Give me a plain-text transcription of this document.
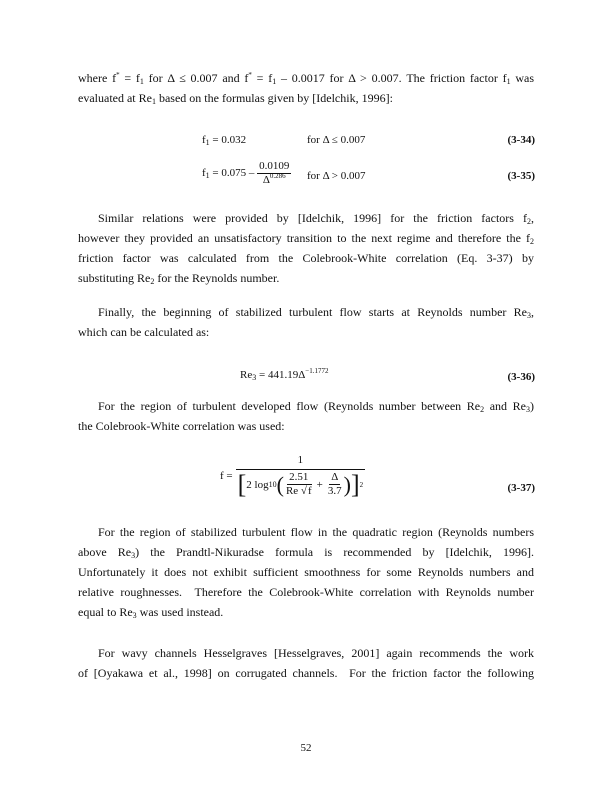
where $f^* = f_1$ for Δ ≤ 0.007 and $f^* = f_1 - 0.0017$ for Δ > 0.007. The friction factor $f_1$ was
evaluated at $Re_1$ based on the formulas given by [Idelchik, 1996]:
$f_1 = 0.032$	for Δ ≤ 0.007	(3-34)
$f_1 = 0.075 - \frac{0.0109}{\Delta^{0.286}}$ for Δ > 0.007	(3-35)
Similar relations were provided by [Idelchik, 1996] for the friction factors $f_2$,
however they provided an unsatisfactory transition to the next regime and therefore the $f_2$
friction factor was calculated from the Colebrook-White correlation (Eq. 3-37) by
substituting $Re_2$ for the Reynolds number.
Finally, the beginning of stabilized turbulent flow starts at Reynolds number $Re_3$,
which can be calculated as:
$Re_3 = 441.19\Delta^{-1.1772}$	(3-36)
For the region of turbulent developed flow (Reynolds number between $Re_2$ and $Re_3$)
the Colebrook-White correlation was used:
f =
1
[ 2 log 10 ( $\frac{2.51}{Re √f} + \frac{\Delta}{3.7}$ ) ] 2	(3-37)
For the region of stabilized turbulent flow in the quadratic region (Reynolds numbers
above $Re_3$) the Prandtl-Nikuradse formula is recommended by [Idelchik, 1996].
Unfortunately it does not exhibit sufficient smoothness for some Reynolds numbers and
relative roughnesses.  Therefore the Colebrook-White correlation with Reynolds number
equal to $Re_3$ was used instead.
For wavy channels Hesselgraves [Hesselgraves, 2001] again recommends the work
of [Oyakawa et al., 1998] on corrugated channels.  For the friction factor the following
52
